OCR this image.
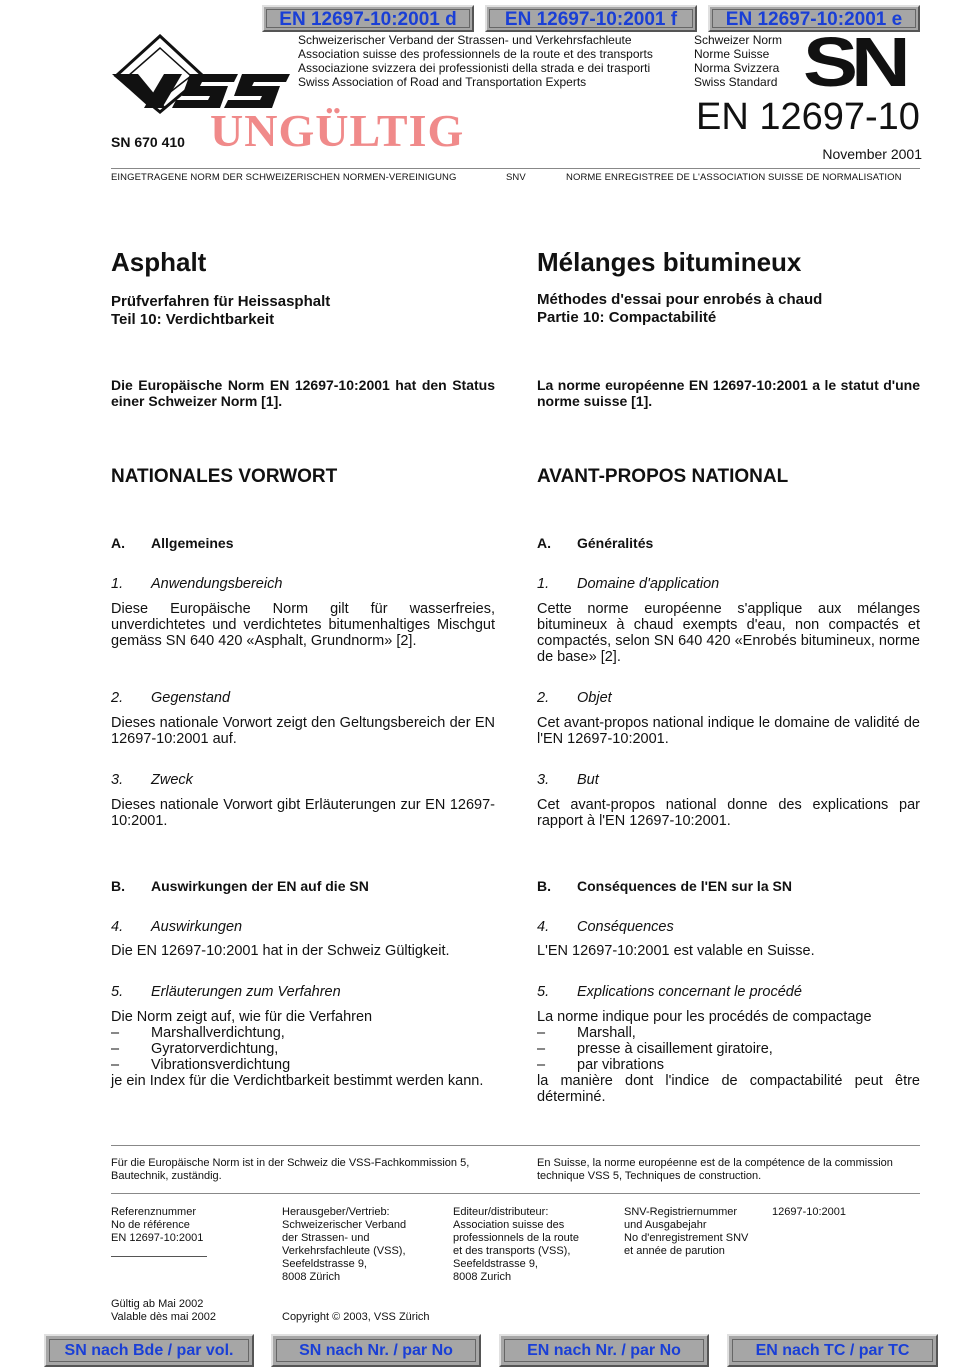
EN 12697-10:2001 d	EN 12697-10:2001 f	EN 12697-10:2001 e
SN 670 410 UNGÜLTIG
Schweizerischer Verband der Strassen- und Verkehrsfachleute
Association suisse des professionnels de la route et des transports
Associazione svizzera dei professionisti della strada e dei trasporti
Swiss Association of Road and Transportation Experts
Schweizer Norm
Norme Suisse
Norma Svizzera
Swiss Standard SN
EN 12697-10
November 2001
EINGETRAGENE NORM DER SCHWEIZERISCHEN NORMEN-VEREINIGUNG	SNV	NORME ENREGISTREE DE L'ASSOCIATION SUISSE DE NORMALISATION
Asphalt
Prüfverfahren für Heissasphalt
Teil 10: Verdichtbarkeit
Die Europäische Norm EN 12697-10:2001 hat den Status einer Schweizer Norm [1].
NATIONALES VORWORT
A. Allgemeines
1. Anwendungsbereich
Diese Europäische Norm gilt für wasserfreies, unverdichtetes und verdichtetes bitumenhaltiges Mischgut gemäss SN 640 420 «Asphalt, Grundnorm» [2].
2. Gegenstand
Dieses nationale Vorwort zeigt den Geltungsbereich der EN 12697-10:2001 auf.
3. Zweck
Dieses nationale Vorwort gibt Erläuterungen zur EN 12697-10:2001.
B. Auswirkungen der EN auf die SN
4. Auswirkungen
Die EN 12697-10:2001 hat in der Schweiz Gültigkeit.
5. Erläuterungen zum Verfahren
Die Norm zeigt auf, wie für die Verfahren
– Marshallverdichtung,
– Gyratorverdichtung,
– Vibrationsverdichtung
je ein Index für die Verdichtbarkeit bestimmt werden kann.
Mélanges bitumineux
Méthodes d'essai pour enrobés à chaud
Partie 10: Compactabilité
La norme européenne EN 12697-10:2001 a le statut d'une norme suisse [1].
AVANT-PROPOS NATIONAL
A. Généralités
1. Domaine d'application
Cette norme européenne s'applique aux mélanges bitumineux à chaud exempts d'eau, non compactés et compactés, selon SN 640 420 «Enrobés bitumineux, norme de base» [2].
2. Objet
Cet avant-propos national indique le domaine de validité de l'EN 12697-10:2001.
3. But
Cet avant-propos national donne des explications par rapport à l'EN 12697-10:2001.
B. Conséquences de l'EN sur la SN
4. Conséquences
L'EN 12697-10:2001 est valable en Suisse.
5. Explications concernant le procédé
La norme indique pour les procédés de compactage
– Marshall,
– presse à cisaillement giratoire,
– par vibrations
la manière dont l'indice de compactabilité peut être déterminé.
Für die Europäische Norm ist in der Schweiz die VSS-Fachkommission 5, Bautechnik, zuständig.
En Suisse, la norme européenne est de la compétence de la commission technique VSS 5, Techniques de construction.
Referenznummer
No de référence
EN 12697-10:2001
Herausgeber/Vertrieb:
Schweizerischer Verband
der Strassen- und
Verkehrsfachleute (VSS),
Seefeldstrasse 9,
8008 Zürich
Editeur/distributeur:
Association suisse des
professionnels de la route
et des transports (VSS),
Seefeldstrasse 9,
8008 Zurich
SNV-Registriernummer
und Ausgabejahr
No d'enregistrement SNV
et année de parution
12697-10:2001
Gültig ab Mai 2002
Valable dès mai 2002	Copyright © 2003, VSS Zürich
SN nach Bde / par vol.	SN nach Nr. / par No	EN nach Nr. / par No	EN nach TC / par TC
